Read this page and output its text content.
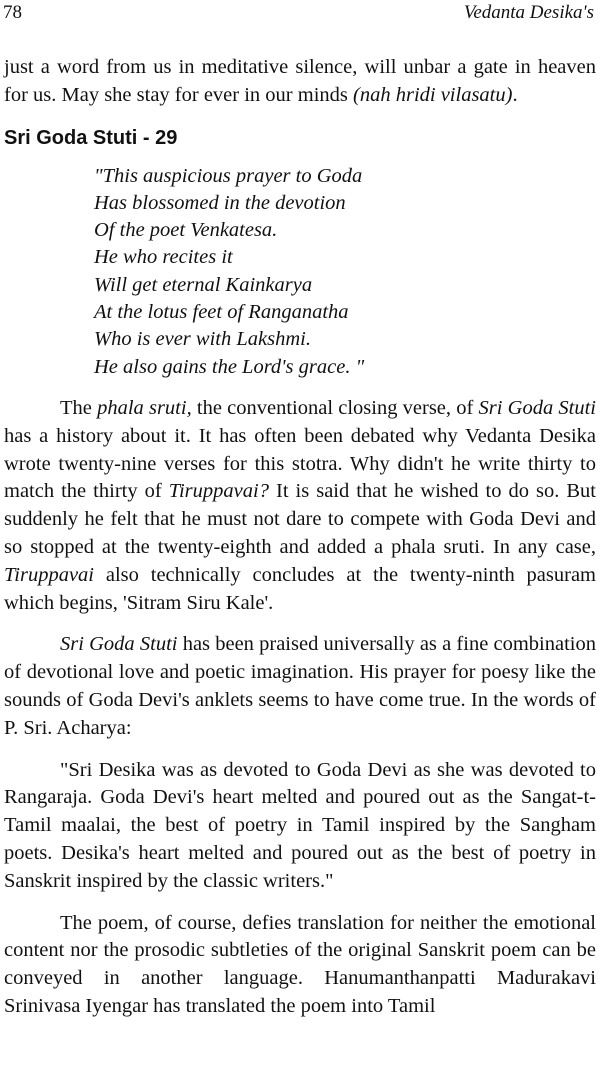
78	Vedanta Desika's

just a word from us in meditative silence, will unbar a gate in heaven for us. May she stay for ever in our minds (nah hridi vilasatu).

Sri Goda Stuti - 29
"This auspicious prayer to Goda
Has blossomed in the devotion
Of the poet Venkatesa.
He who recites it
Will get eternal Kainkarya
At the lotus feet of Ranganatha
Who is ever with Lakshmi.
He also gains the Lord's grace. "

The phala sruti, the conventional closing verse, of Sri Goda Stuti has a history about it. It has often been debated why Vedanta Desika wrote twenty-nine verses for this stotra. Why didn't he write thirty to match the thirty of Tiruppavai? It is said that he wished to do so. But suddenly he felt that he must not dare to compete with Goda Devi and so stopped at the twenty-eighth and added a phala sruti. In any case, Tiruppavai also technically concludes at the twenty-ninth pasuram which begins, 'Sitram Siru Kale'.

Sri Goda Stuti has been praised universally as a fine combination of devotional love and poetic imagination. His prayer for poesy like the sounds of Goda Devi's anklets seems to have come true. In the words of P. Sri. Acharya:

"Sri Desika was as devoted to Goda Devi as she was devoted to Rangaraja. Goda Devi's heart melted and poured out as the Sangat-t-Tamil maalai, the best of poetry in Tamil inspired by the Sangham poets. Desika's heart melted and poured out as the best of poetry in Sanskrit inspired by the classic writers."

The poem, of course, defies translation for neither the emotional content nor the prosodic subtleties of the original Sanskrit poem can be conveyed in another language. Hanumanthanpatti Madurakavi Srinivasa Iyengar has translated the poem into Tamil
